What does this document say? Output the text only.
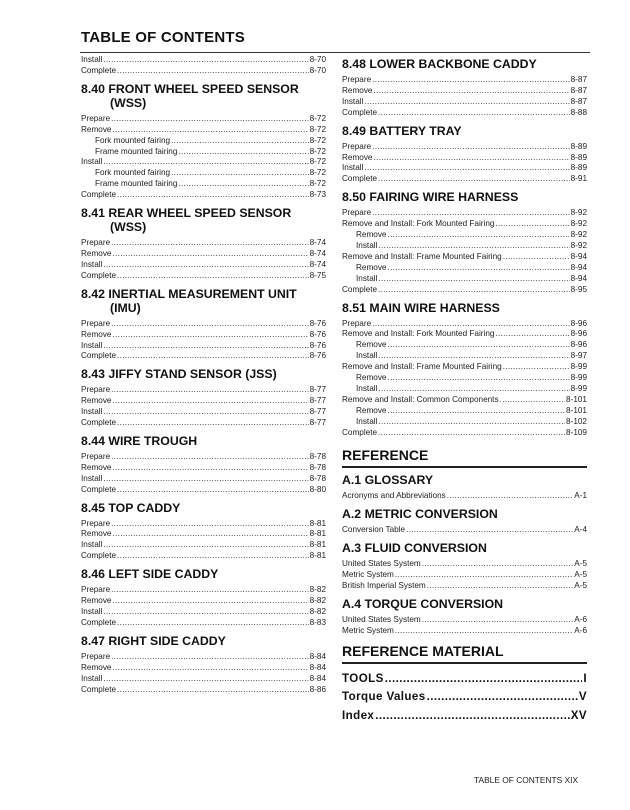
TABLE OF CONTENTS
Install .....	8-70
Complete .....	8-70
8.40 FRONT WHEEL SPEED SENSOR
(WSS)
Prepare .....	8-72
Remove .....	8-72
Fork mounted fairing .....	8-72
Frame mounted fairing .....	8-72
Install .....	8-72
Fork mounted fairing .....	8-72
Frame mounted fairing .....	8-72
Complete .....	8-73
8.41 REAR WHEEL SPEED SENSOR
(WSS)
Prepare .....	8-74
Remove .....	8-74
Install .....	8-74
Complete .....	8-75
8.42 INERTIAL MEASUREMENT UNIT
(IMU)
Prepare .....	8-76
Remove .....	8-76
Install .....	8-76
Complete .....	8-76
8.43 JIFFY STAND SENSOR (JSS)
Prepare .....	8-77
Remove .....	8-77
Install .....	8-77
Complete .....	8-77
8.44 WIRE TROUGH
Prepare .....	8-78
Remove .....	8-78
Install .....	8-78
Complete .....	8-80
8.45 TOP CADDY
Prepare .....	8-81
Remove .....	8-81
Install .....	8-81
Complete .....	8-81
8.46 LEFT SIDE CADDY
Prepare .....	8-82
Remove .....	8-82
Install .....	8-82
Complete .....	8-83
8.47 RIGHT SIDE CADDY
Prepare .....	8-84
Remove .....	8-84
Install .....	8-84
Complete .....	8-86
8.48 LOWER BACKBONE CADDY
Prepare .....	8-87
Remove .....	8-87
Install .....	8-87
Complete .....	8-88
8.49 BATTERY TRAY
Prepare .....	8-89
Remove .....	8-89
Install .....	8-89
Complete .....	8-91
8.50 FAIRING WIRE HARNESS
Prepare .....	8-92
Remove and Install: Fork Mounted Fairing .....	8-92
Remove .....	8-92
Install .....	8-92
Remove and Install: Frame Mounted Fairing .....	8-94
Remove .....	8-94
Install .....	8-94
Complete .....	8-95
8.51 MAIN WIRE HARNESS
Prepare .....	8-96
Remove and Install: Fork Mounted Fairing .....	8-96
Remove .....	8-96
Install .....	8-97
Remove and Install: Frame Mounted Fairing .....	8-99
Remove .....	8-99
Install .....	8-99
Remove and Install: Common Components .....	8-101
Remove .....	8-101
Install .....	8-102
Complete .....	8-109
REFERENCE
A.1 GLOSSARY
Acronyms and Abbreviations .....	A-1
A.2 METRIC CONVERSION
Conversion Table .....	A-4
A.3 FLUID CONVERSION
United States System .....	A-5
Metric System .....	A-5
British Imperial System .....	A-5
A.4 TORQUE CONVERSION
United States System .....	A-6
Metric System .....	A-6
REFERENCE MATERIAL
TOOLS .....	I
Torque Values .....	V
Index .....	XV
TABLE OF CONTENTS XIX
